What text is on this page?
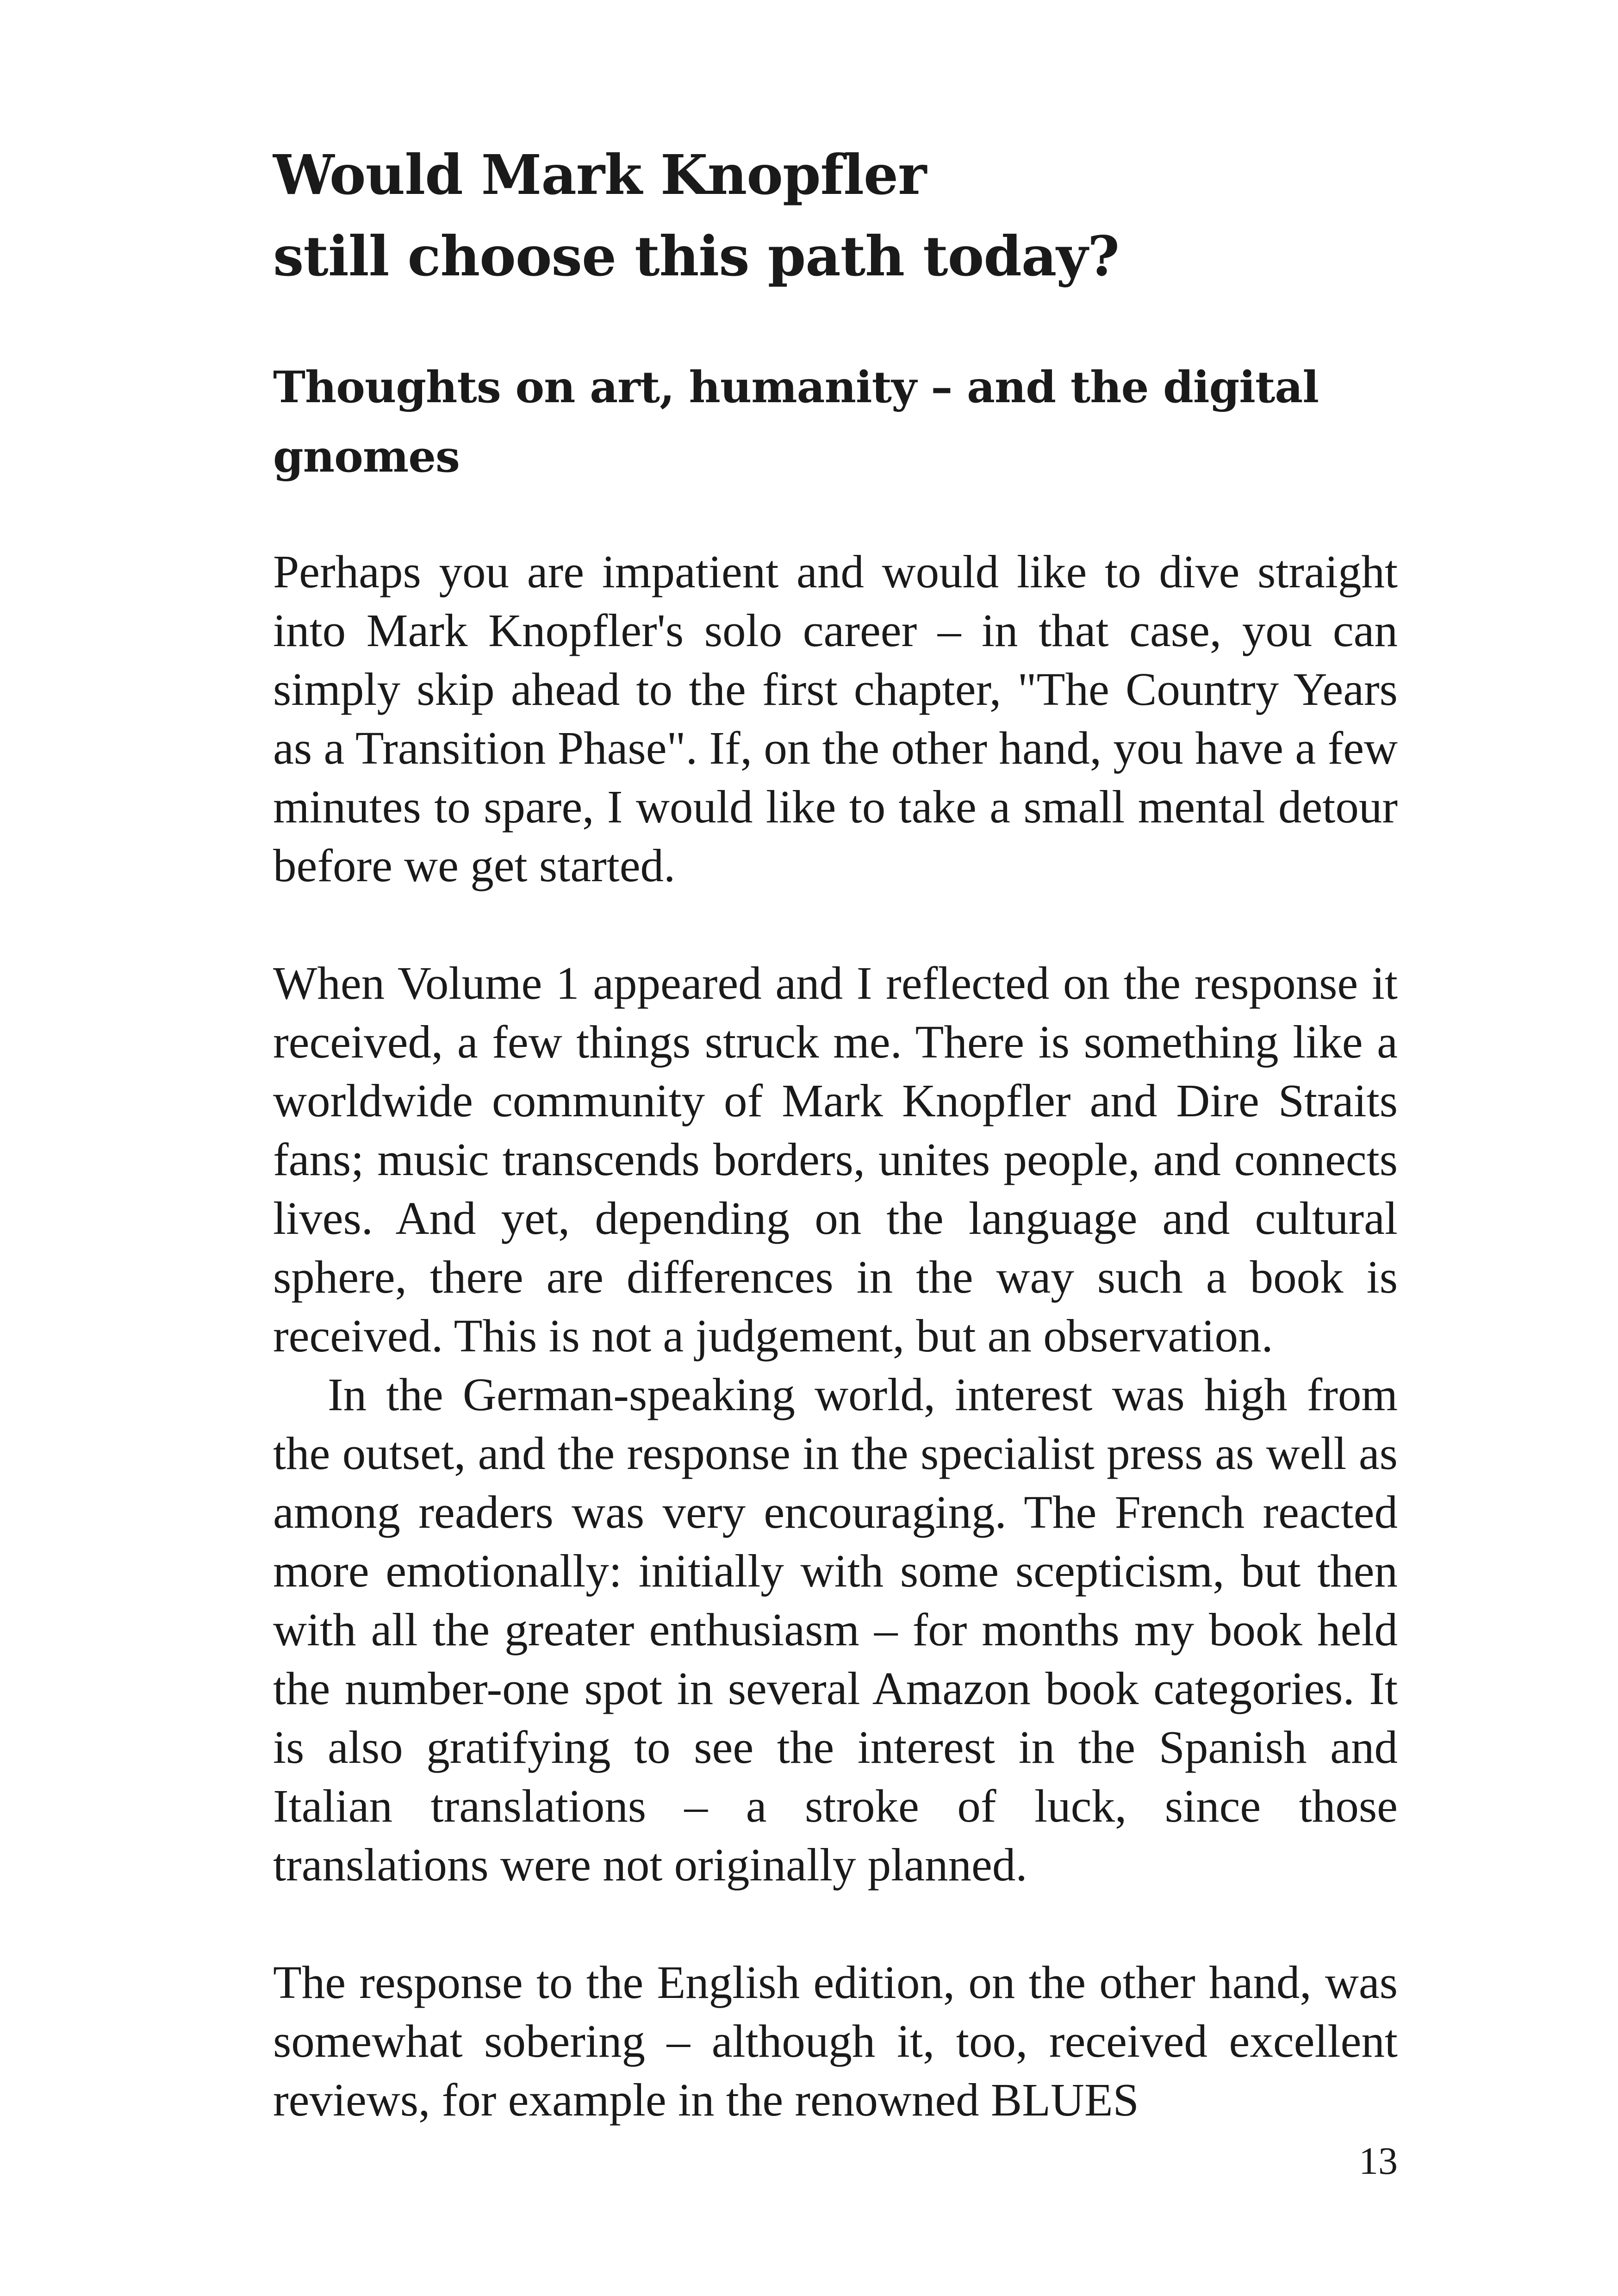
Would Mark Knopfler
still choose this path today?
Thoughts on art, humanity – and the digital gnomes

Perhaps you are impatient and would like to dive straight into Mark Knopfler's solo career – in that case, you can simply skip ahead to the first chapter, "The Country Years as a Transition Phase". If, on the other hand, you have a few minutes to spare, I would like to take a small mental detour before we get started.

When Volume 1 appeared and I reflected on the response it received, a few things struck me. There is something like a worldwide community of Mark Knopfler and Dire Straits fans; music transcends borders, unites people, and connects lives. And yet, depending on the language and cultural sphere, there are differences in the way such a book is received. This is not a judgement, but an observation.

In the German-speaking world, interest was high from the outset, and the response in the specialist press as well as among readers was very encouraging. The French reacted more emotionally: initially with some scepticism, but then with all the greater enthusiasm – for months my book held the number-one spot in several Amazon book categories. It is also gratifying to see the interest in the Spanish and Italian translations – a stroke of luck, since those translations were not originally planned.

The response to the English edition, on the other hand, was somewhat sobering – although it, too, received excellent reviews, for example in the renowned BLUES

13
